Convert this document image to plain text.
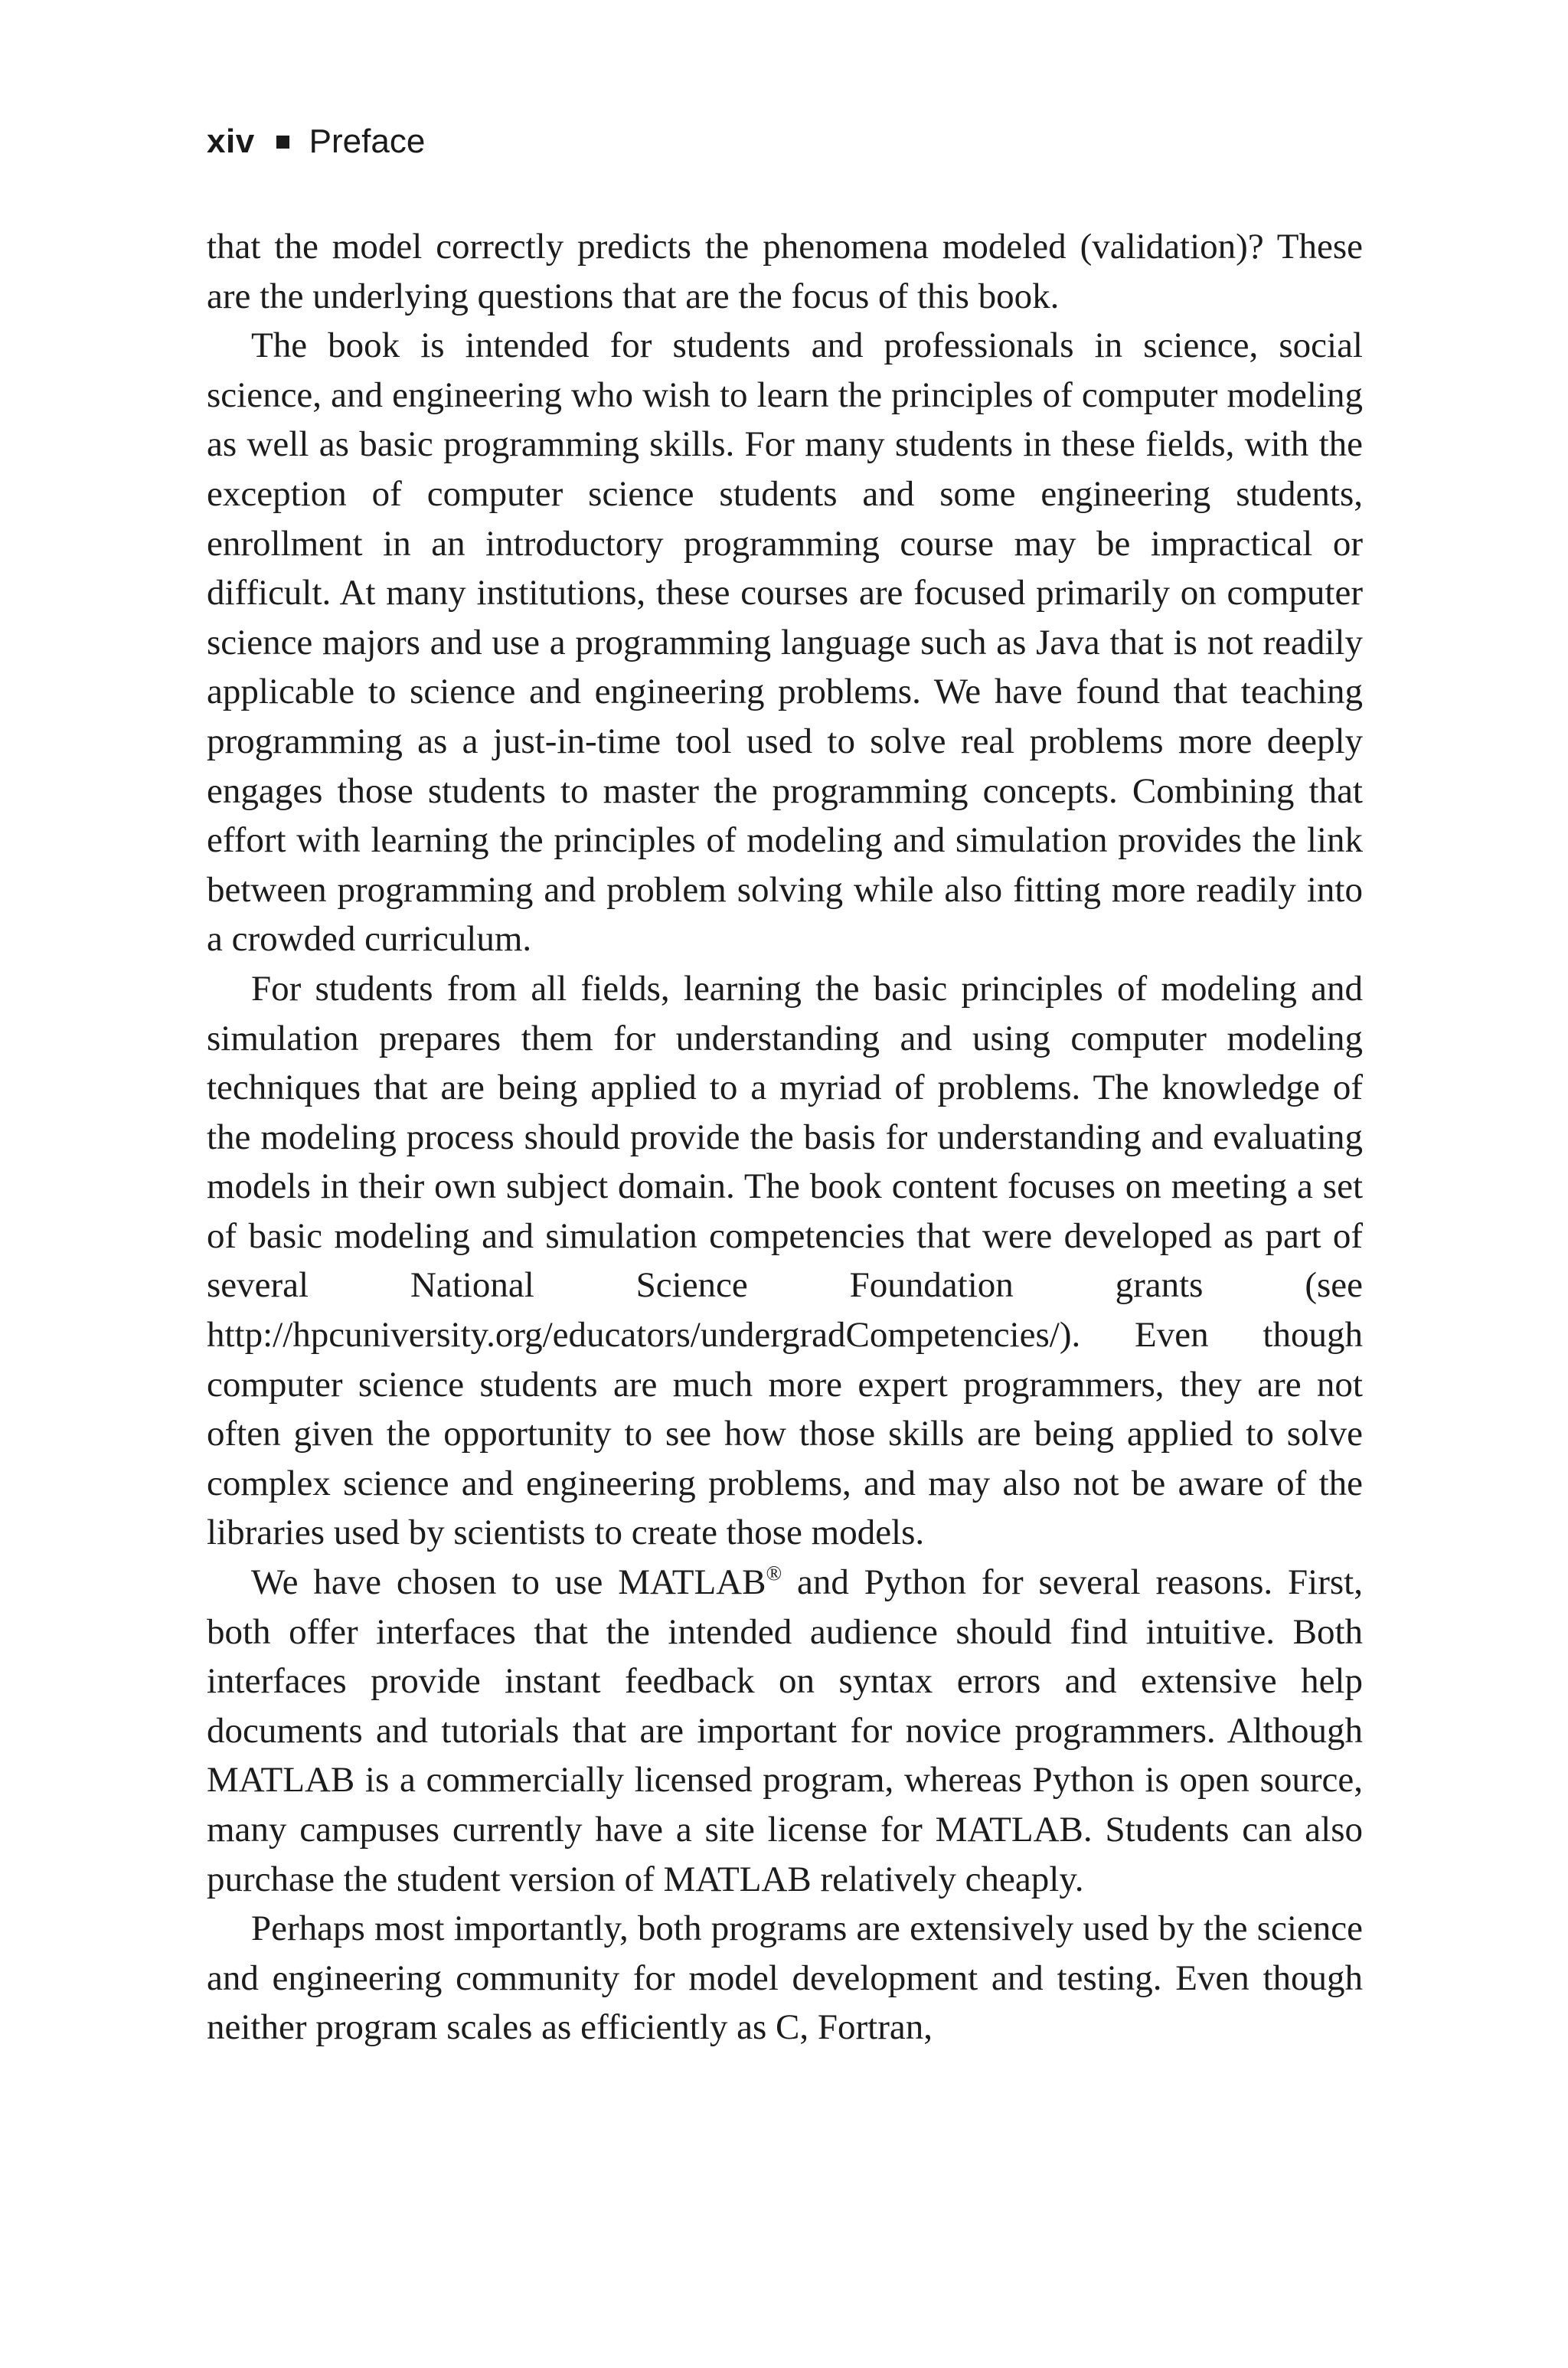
xiv Preface

that the model correctly predicts the phenomena modeled (validation)? These are the underlying questions that are the focus of this book.

The book is intended for students and professionals in science, social science, and engineering who wish to learn the principles of computer modeling as well as basic programming skills. For many students in these fields, with the exception of computer science students and some engineering students, enrollment in an introductory programming course may be impractical or difficult. At many institutions, these courses are focused primarily on computer science majors and use a programming language such as Java that is not readily applicable to science and engineering problems. We have found that teaching programming as a just-in-time tool used to solve real problems more deeply engages those students to master the programming concepts. Combining that effort with learning the principles of modeling and simulation provides the link between programming and problem solving while also fitting more readily into a crowded curriculum.

For students from all fields, learning the basic principles of modeling and simulation prepares them for understanding and using computer modeling techniques that are being applied to a myriad of problems. The knowledge of the modeling process should provide the basis for understanding and evaluating models in their own subject domain. The book content focuses on meeting a set of basic modeling and simulation competencies that were developed as part of several National Science Foundation grants (see http://hpcuniversity.org/educators/undergradCompetencies/). Even though computer science students are much more expert programmers, they are not often given the opportunity to see how those skills are being applied to solve complex science and engineering problems, and may also not be aware of the libraries used by scientists to create those models.

We have chosen to use MATLAB® and Python for several reasons. First, both offer interfaces that the intended audience should find intuitive. Both interfaces provide instant feedback on syntax errors and extensive help documents and tutorials that are important for novice programmers. Although MATLAB is a commercially licensed program, whereas Python is open source, many campuses currently have a site license for MATLAB. Students can also purchase the student version of MATLAB relatively cheaply.

Perhaps most importantly, both programs are extensively used by the science and engineering community for model development and testing. Even though neither program scales as efficiently as C, Fortran,
